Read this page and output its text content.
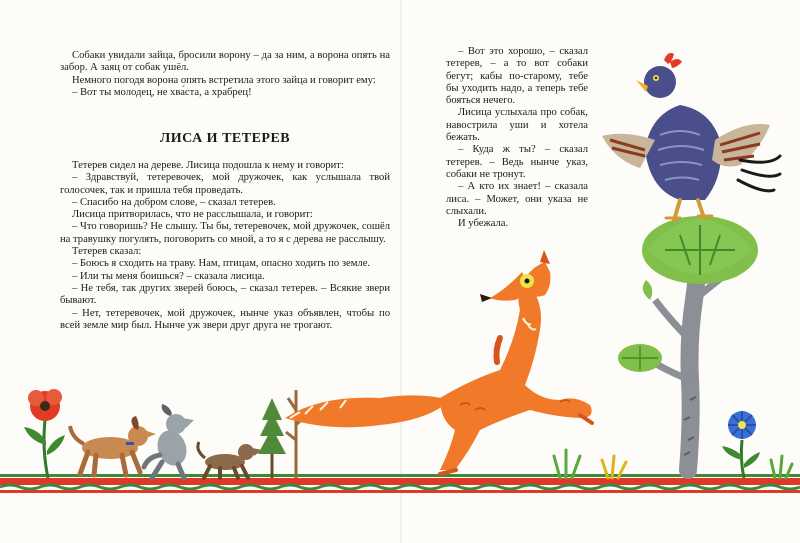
Собаки увидали зайца, бросили ворону – да за ним, а ворона опять на забор. А заяц от собак ушёл.

Немного погодя ворона опять встретила этого зайца и говорит ему:

– Вот ты молодец, не хва́ста, а храбрец!

ЛИСА И ТЕТЕРЕВ

Тетерев сидел на дереве. Лисица подошла к нему и говорит:

– Здравствуй, тетеревочек, мой дружочек, как услышала твой голосочек, так и пришла тебя проведать.

– Спасибо на добром слове, – сказал тетерев.

Лисица притворилась, что не расслышала, и говорит:

– Что говоришь? Не слышу. Ты бы, тетеревочек, мой дружочек, сошёл на травушку погулять, поговорить со мной, а то я с дерева не расслышу.

Тетерев сказал:

– Боюсь я сходить на траву. Нам, птицам, опасно ходить по земле.

– Или ты меня боишься? – сказала лисица.

– Не тебя, так других зверей боюсь, – сказал тетерев. – Всякие звери бывают.

– Нет, тетеревочек, мой дружочек, нынче указ объявлен, чтобы по всей земле мир был. Нынче уж звери друг друга не трогают.

– Вот это хорошо, – сказал тетерев, – а то вот собаки бегут; кабы по-старому, тебе бы уходить надо, а теперь тебе бояться нечего.

Лисица услыхала про собак, навострила уши и хотела бежать.

– Куда ж ты? – сказал тетерев. – Ведь нынче указ, собаки не тронут.

– А кто их знает! – сказала лиса. – Может, они указа не слыхали.

И убежала.
